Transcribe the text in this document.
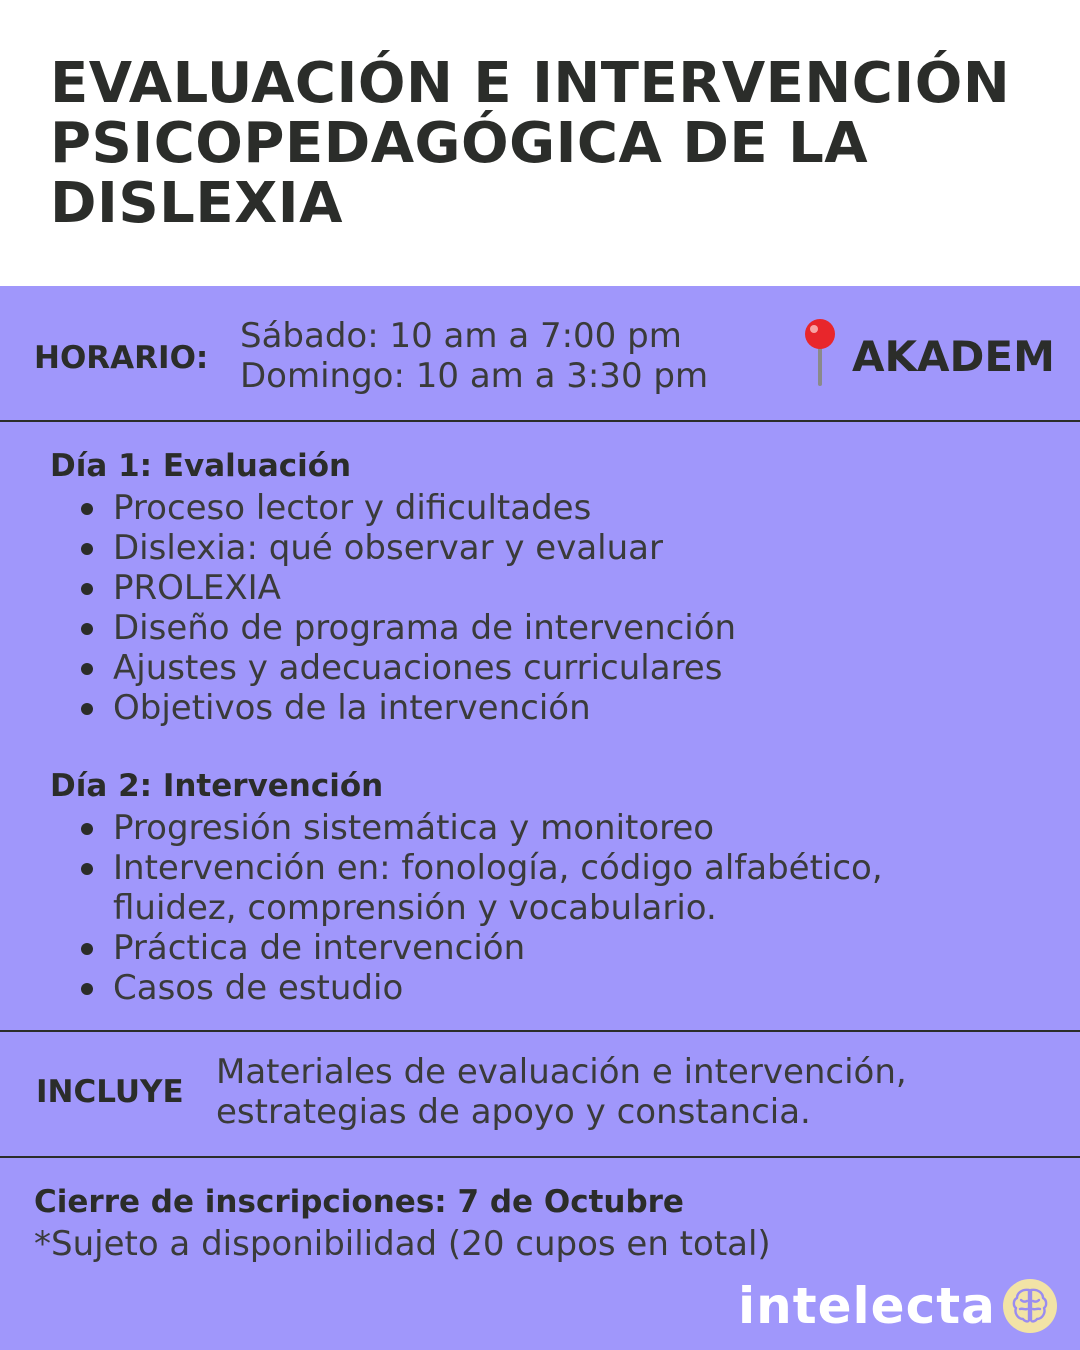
EVALUACIÓN E INTERVENCIÓN
PSICOPEDAGÓGICA DE LA
DISLEXIA
HORARIO:
Sábado: 10 am a 7:00 pm
Domingo: 10 am a 3:30 pm	AKADEM
Día 1: Evaluación
Proceso lector y dificultades
Dislexia: qué observar y evaluar
PROLEXIA
Diseño de programa de intervención
Ajustes y adecuaciones curriculares
Objetivos de la intervención
Día 2: Intervención
Progresión sistemática y monitoreo
Intervención en: fonología, código alfabético,
fluidez, comprensión y vocabulario.
Práctica de intervención
Casos de estudio
INCLUYE Materiales de evaluación e intervención,
estrategias de apoyo y constancia.
Cierre de inscripciones: 7 de Octubre
*Sujeto a disponibilidad (20 cupos en total)
intelecta
